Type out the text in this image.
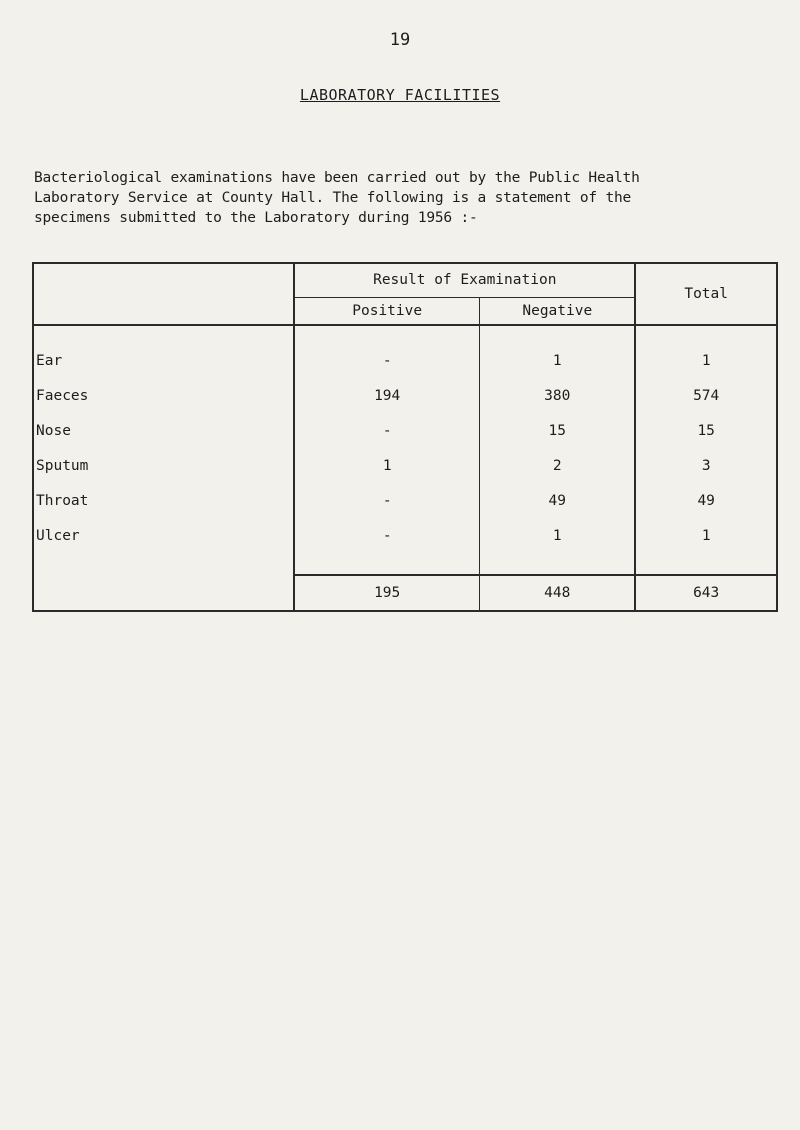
19
LABORATORY FACILITIES
Bacteriological examinations have been carried out by the Public Health
Laboratory Service at County Hall. The following is a statement of the
specimens submitted to the Laboratory during 1956 :-
	Result of Examination		Total
	Positive	Negative	

Ear	-	1	1
Faeces	194	380	574
Nose	-	15	15
Sputum	1	2	3
Throat	-	49	49
Ulcer	-	1	1

	195	448	643
